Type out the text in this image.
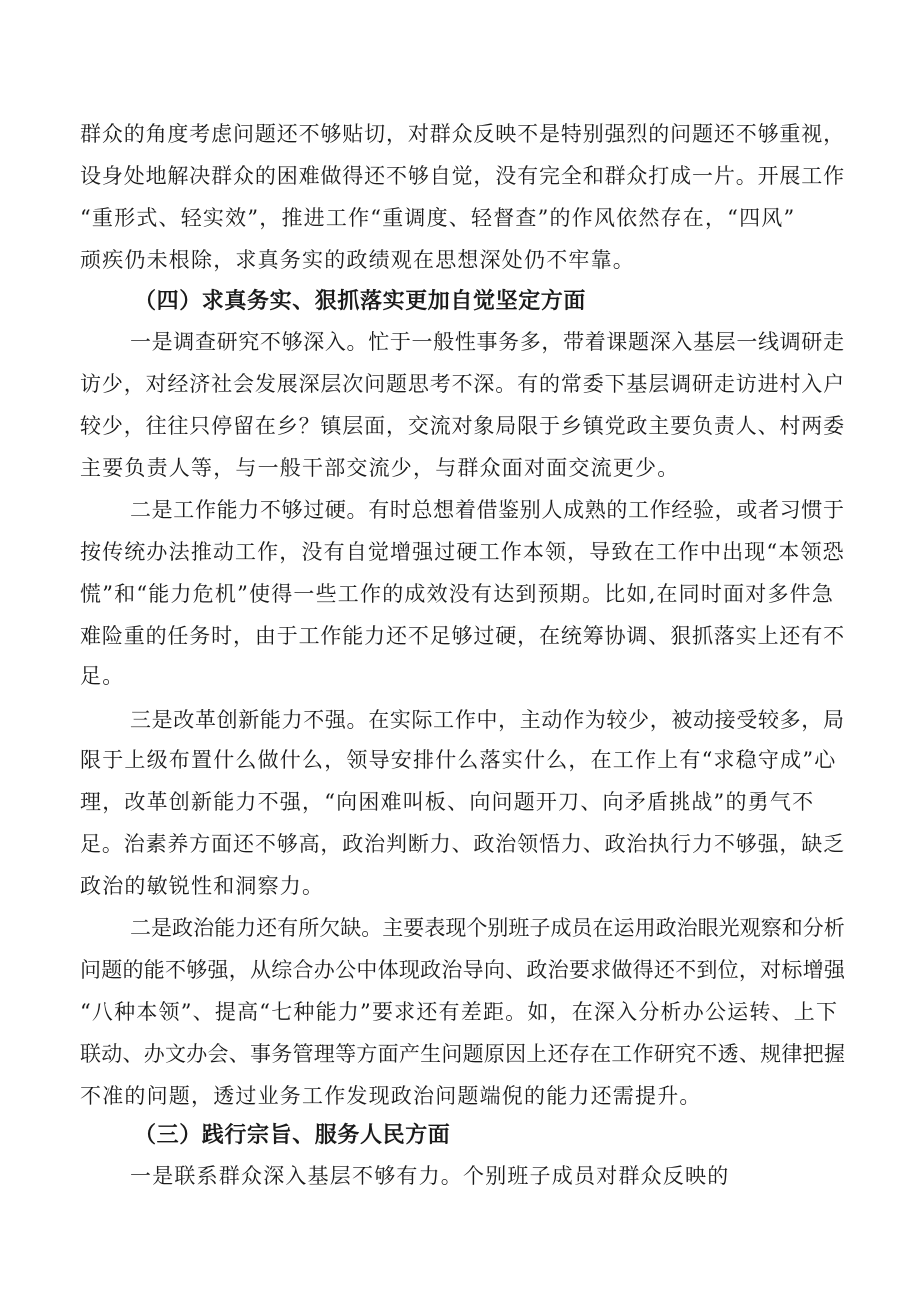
群众的角度考虑问题还不够贴切，对群众反映不是特别强烈的问题还不够重视，
设身处地解决群众的困难做得还不够自觉，没有完全和群众打成一片。开展工作
“重形式、轻实效”，推进工作“重调度、轻督查”的作风依然存在，“四风”
顽疾仍未根除，求真务实的政绩观在思想深处仍不牢靠。
（四）求真务实、狠抓落实更加自觉坚定方面
一是调查研究不够深入。忙于一般性事务多，带着课题深入基层一线调研走
访少，对经济社会发展深层次问题思考不深。有的常委下基层调研走访进村入户
较少，往往只停留在乡？镇层面，交流对象局限于乡镇党政主要负责人、村两委
主要负责人等，与一般干部交流少，与群众面对面交流更少。
二是工作能力不够过硬。有时总想着借鉴别人成熟的工作经验，或者习惯于
按传统办法推动工作，没有自觉增强过硬工作本领，导致在工作中出现“本领恐
慌”和“能力危机”使得一些工作的成效没有达到预期。比如,在同时面对多件急
难险重的任务时，由于工作能力还不足够过硬，在统筹协调、狠抓落实上还有不
足。
三是改革创新能力不强。在实际工作中，主动作为较少，被动接受较多，局
限于上级布置什么做什么，领导安排什么落实什么，在工作上有“求稳守成”心
理，改革创新能力不强，“向困难叫板、向问题开刀、向矛盾挑战”的勇气不
足。治素养方面还不够高，政治判断力、政治领悟力、政治执行力不够强，缺乏
政治的敏锐性和洞察力。
二是政治能力还有所欠缺。主要表现个别班子成员在运用政治眼光观察和分析
问题的能不够强，从综合办公中体现政治导向、政治要求做得还不到位，对标增强
“八种本领”、提高“七种能力”要求还有差距。如，在深入分析办公运转、上下
联动、办文办会、事务管理等方面产生问题原因上还存在工作研究不透、规律把握
不准的问题，透过业务工作发现政治问题端倪的能力还需提升。
（三）践行宗旨、服务人民方面
一是联系群众深入基层不够有力。个别班子成员对群众反映的
